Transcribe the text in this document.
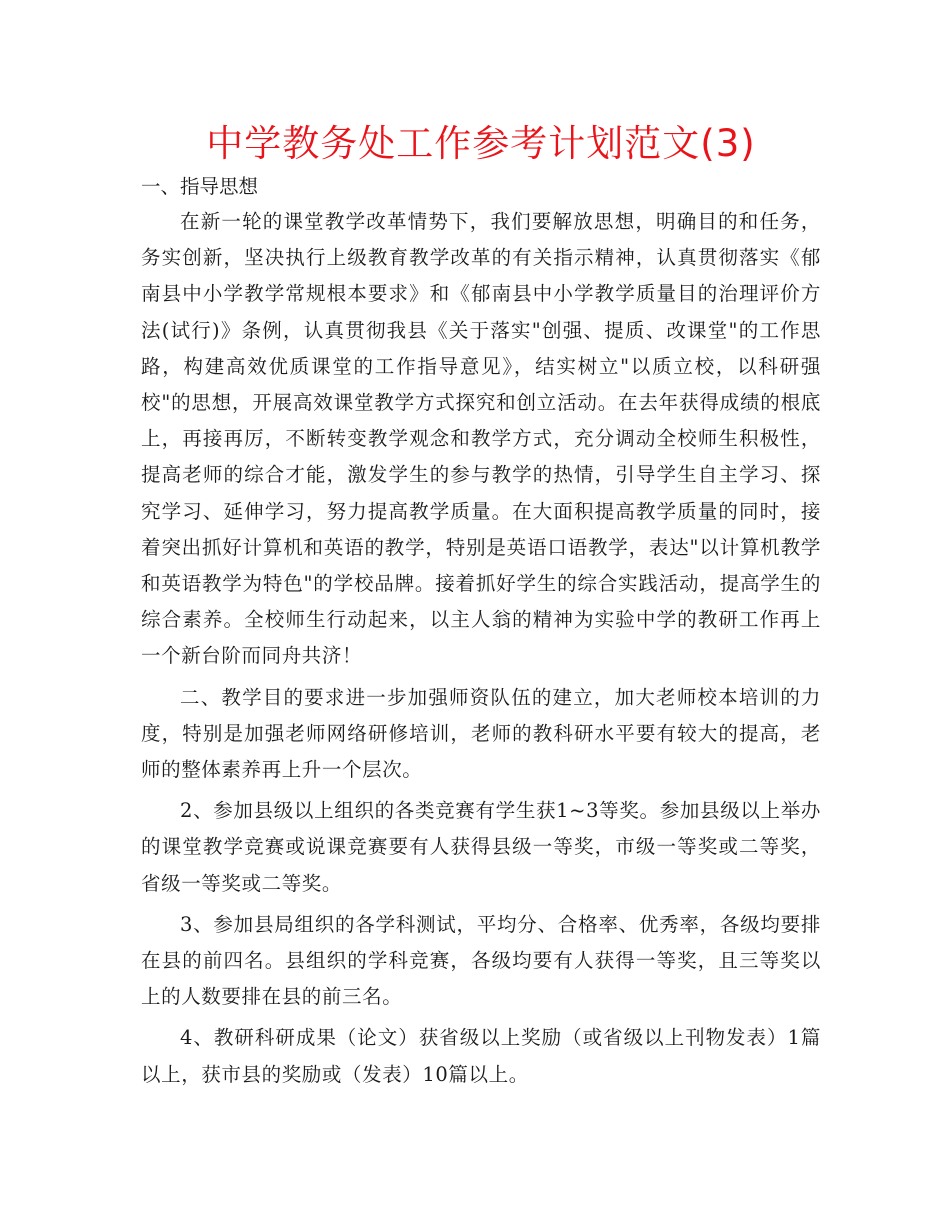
中学教务处工作参考计划范文(3)

一、指导思想

在新一轮的课堂教学改革情势下，我们要解放思想，明确目的和任务，务实创新，坚决执行上级教育教学改革的有关指示精神，认真贯彻落实《郁南县中小学教学常规根本要求》和《郁南县中小学教学质量目的治理评价方法(试行)》条例，认真贯彻我县《关于落实"创强、提质、改课堂"的工作思路，构建高效优质课堂的工作指导意见》，结实树立"以质立校，以科研强校"的思想，开展高效课堂教学方式探究和创立活动。在去年获得成绩的根底上，再接再厉，不断转变教学观念和教学方式，充分调动全校师生积极性，提高老师的综合才能，激发学生的参与教学的热情，引导学生自主学习、探究学习、延伸学习，努力提高教学质量。在大面积提高教学质量的同时，接着突出抓好计算机和英语的教学，特别是英语口语教学，表达"以计算机教学和英语教学为特色"的学校品牌。接着抓好学生的综合实践活动，提高学生的综合素养。全校师生行动起来，以主人翁的精神为实验中学的教研工作再上一个新台阶而同舟共济！

二、教学目的要求进一步加强师资队伍的建立，加大老师校本培训的力度，特别是加强老师网络研修培训，老师的教科研水平要有较大的提高，老师的整体素养再上升一个层次。

2、参加县级以上组织的各类竞赛有学生获1~3等奖。参加县级以上举办的课堂教学竞赛或说课竞赛要有人获得县级一等奖，市级一等奖或二等奖，省级一等奖或二等奖。

3、参加县局组织的各学科测试，平均分、合格率、优秀率，各级均要排在县的前四名。县组织的学科竞赛，各级均要有人获得一等奖，且三等奖以上的人数要排在县的前三名。

4、教研科研成果（论文）获省级以上奖励（或省级以上刊物发表）1篇以上，获市县的奖励或（发表）10篇以上。
